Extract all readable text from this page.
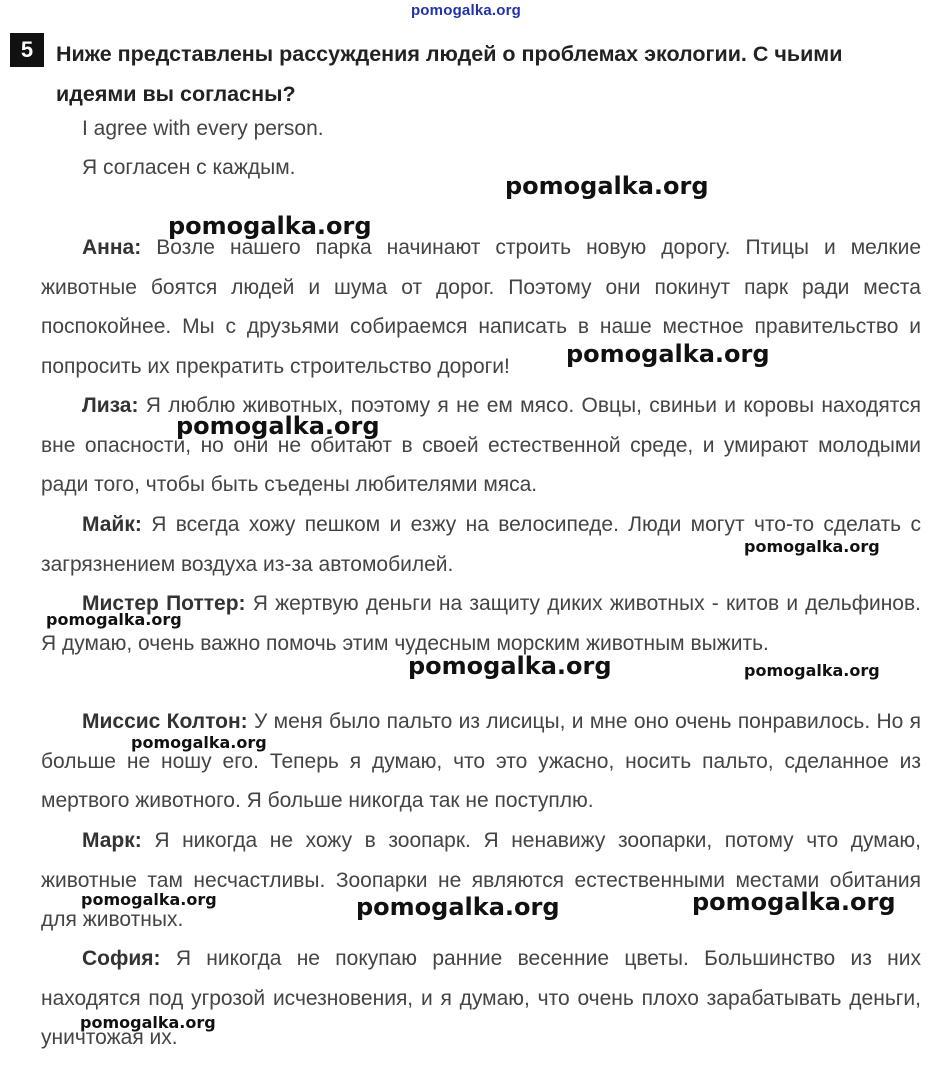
pomogalka.org
5	Ниже представлены рассуждения людей о проблемах экологии. С чьими идеями вы согласны?

I agree with every person.

Я согласен с каждым.

Анна: Возле нашего парка начинают строить новую дорогу. Птицы и мелкие животные боятся людей и шума от дорог. Поэтому они покинут парк ради места поспокойнее. Мы с друзьями собираемся написать в наше местное правительство и попросить их прекратить строительство дороги!

Лиза: Я люблю животных, поэтому я не ем мясо. Овцы, свиньи и коровы находятся вне опасности, но они не обитают в своей естественной среде, и умирают молодыми ради того, чтобы быть съедены любителями мяса.

Майк: Я всегда хожу пешком и езжу на велосипеде. Люди могут что-то сделать с загрязнением воздуха из-за автомобилей.

Мистер Поттер: Я жертвую деньги на защиту диких животных - китов и дельфинов. Я думаю, очень важно помочь этим чудесным морским животным выжить.

Миссис Колтон: У меня было пальто из лисицы, и мне оно очень понравилось. Но я больше не ношу его. Теперь я думаю, что это ужасно, носить пальто, сделанное из мертвого животного. Я больше никогда так не поступлю.

Марк: Я никогда не хожу в зоопарк. Я ненавижу зоопарки, потому что думаю, животные там несчастливы. Зоопарки не являются естественными местами обитания для животных.

София: Я никогда не покупаю ранние весенние цветы. Большинство из них находятся под угрозой исчезновения, и я думаю, что очень плохо зарабатывать деньги, уничтожая их.

pomogalka.org
pomogalka.org
pomogalka.org
pomogalka.org
pomogalka.org
pomogalka.org
pomogalka.org	pomogalka.org
pomogalka.org
pomogalka.org	pomogalka.org	pomogalka.org
pomogalka.org
